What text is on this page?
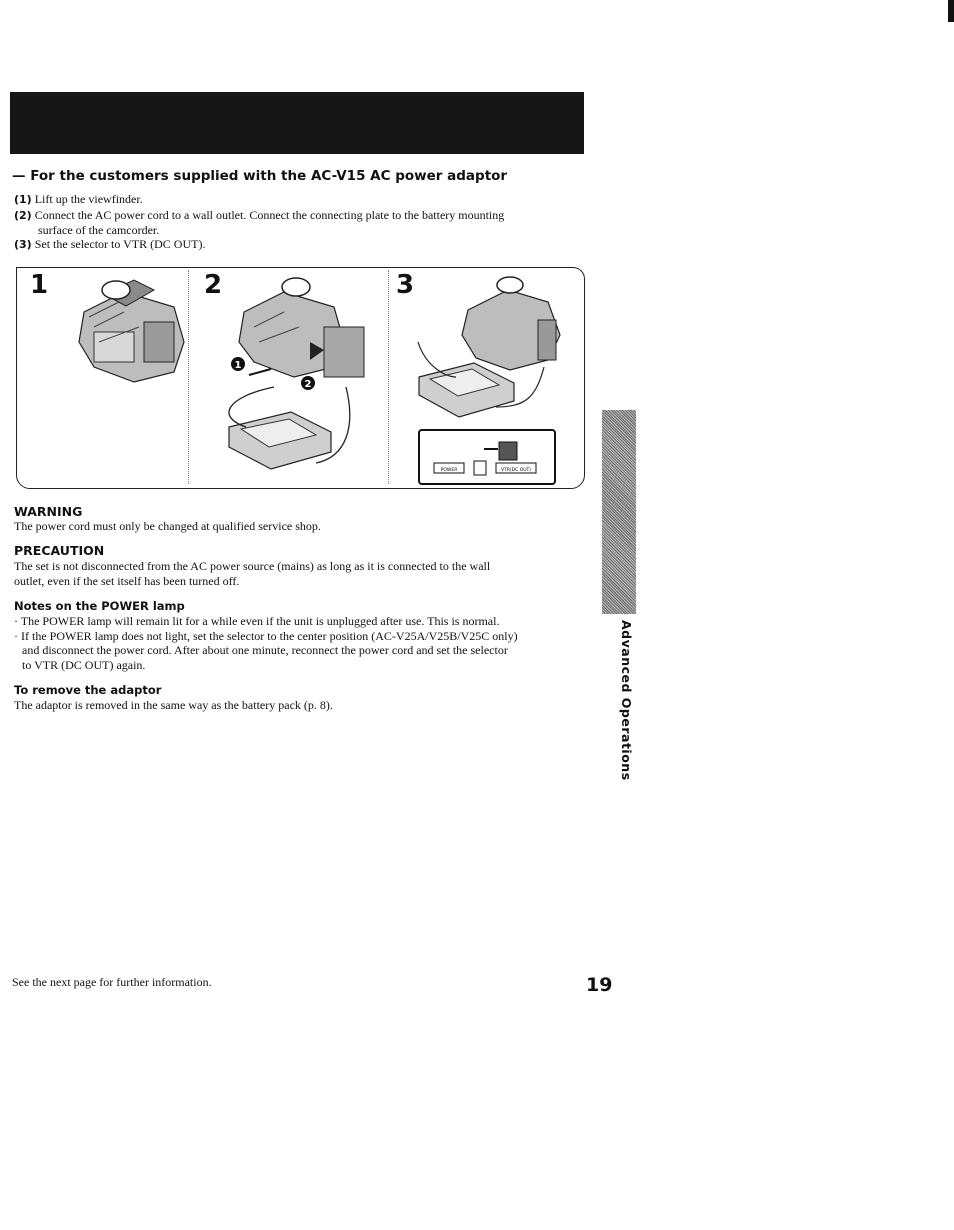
— For the customers supplied with the AC-V15 AC power adaptor
(1) Lift up the viewfinder.
(2) Connect the AC power cord to a wall outlet. Connect the connecting plate to the battery mounting
surface of the camcorder.
(3) Set the selector to VTR (DC OUT).
1	2	3
1
2
POWER	VTR(DC OUT)
WARNING
The power cord must only be changed at qualified service shop.
PRECAUTION
The set is not disconnected from the AC power source (mains) as long as it is connected to the wall
outlet, even if the set itself has been turned off.
Notes on the POWER lamp
· The POWER lamp will remain lit for a while even if the unit is unplugged after use. This is normal.
· If the POWER lamp does not light, set the selector to the center position (AC-V25A/V25B/V25C only)
and disconnect the power cord. After about one minute, reconnect the power cord and set the selector
to VTR (DC OUT) again.
To remove the adaptor
The adaptor is removed in the same way as the battery pack (p. 8).	Advanced Operations
See the next page for further information.	19
